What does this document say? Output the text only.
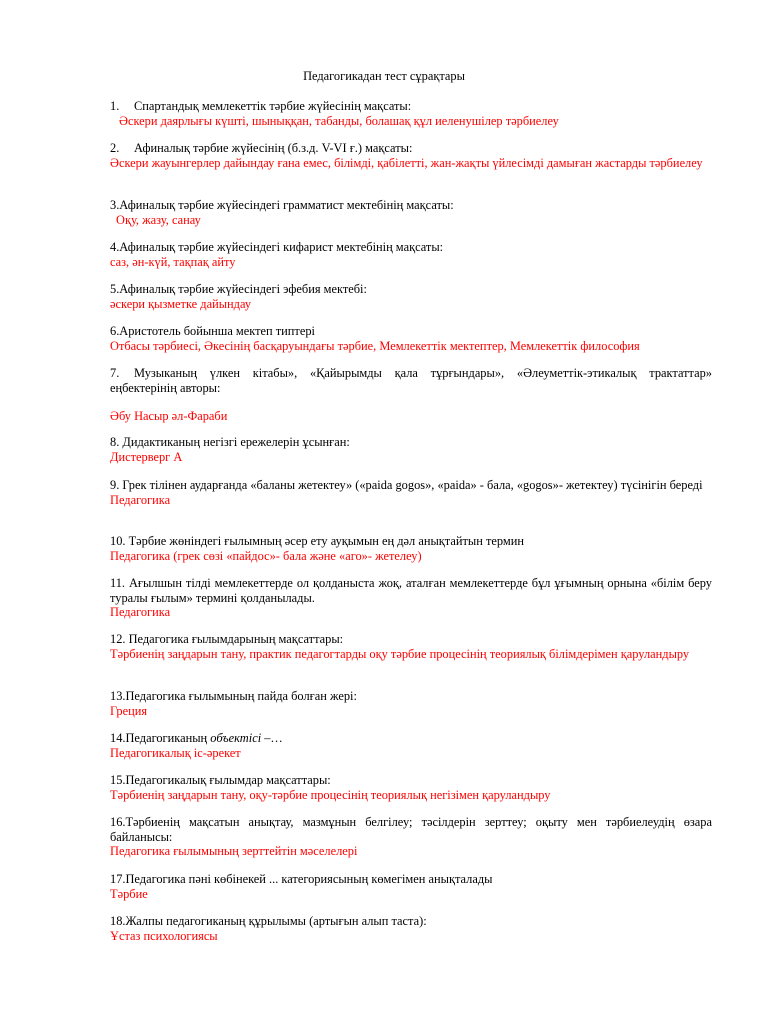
Педагогикадан тест сұрақтары
1. Спартандық мемлекеттік тәрбие жүйесінің мақсаты:
Әскери даярлығы күшті, шыныққан, табанды, болашақ құл иеленушілер тәрбиелеу
2. Афиналық тәрбие жүйесінің (б.з.д. V-VI ғ.) мақсаты:
Әскери жауынгерлер дайындау ғана емес, білімді, қабілетті, жан-жақты үйлесімді дамыған жастарды тәрбиелеу
3.Афиналық тәрбие жүйесіндегі грамматист мектебінің мақсаты:
Оқу, жазу, санау
4.Афиналық тәрбие жүйесіндегі кифарист мектебінің мақсаты:
саз, ән-күй, тақпақ айту
5.Афиналық тәрбие жүйесіндегі эфебия мектебі:
әскери қызметке дайындау
6.Аристотель бойынша мектеп типтері
Отбасы тәрбиесі, Әкесінің басқаруындағы тәрбие, Мемлекеттік мектептер, Мемлекеттік философия
7. Музыканың үлкен кітабы», «Қайырымды қала тұрғындары», «Әлеуметтік-этикалық трактаттар» еңбектерінің авторы:
Әбу Насыр әл-Фараби
8. Дидактиканың негізгі ережелерін ұсынған:
Дистерверг А
9. Грек тілінен аударғанда «баланы жетектеу» («paida gogos», «paida» - бала, «gogos»- жетектеу) түсінігін береді
Педагогика
10. Тәрбие жөніндегі ғылымның әсер ету ауқымын ең дәл анықтайтын термин
Педагогика (грек сөзі «пайдос»- бала және «аго»- жетелеу)
11. Ағылшын тілді мемлекеттерде ол қолданыста жоқ, аталған мемлекеттерде бұл ұғымның орнына «білім беру туралы ғылым» термині қолданылады.
Педагогика
12. Педагогика ғылымдарының мақсаттары:
Тәрбиенің заңдарын тану, практик педагогтарды оқу тәрбие процесінің теориялық білімдерімен қаруландыру
13.Педагогика ғылымының пайда болған жері:
Греция
14.Педагогиканың объектісі –…
Педагогикалық іс-әрекет
15.Педагогикалық ғылымдар мақсаттары:
Тәрбиенің заңдарын тану, оқу-тәрбие процесінің теориялық негізімен қаруландыру
16.Тәрбиенің мақсатын анықтау, мазмұнын белгілеу; тәсілдерін зерттеу; оқыту мен тәрбиелеудің өзара байланысы:
Педагогика ғылымының зерттейтін мәселелері
17.Педагогика пәні көбінекей ... категориясының көмегімен анықталады
Тәрбие
18.Жалпы педагогиканың құрылымы (артығын алып таста):
Ұстаз психологиясы
